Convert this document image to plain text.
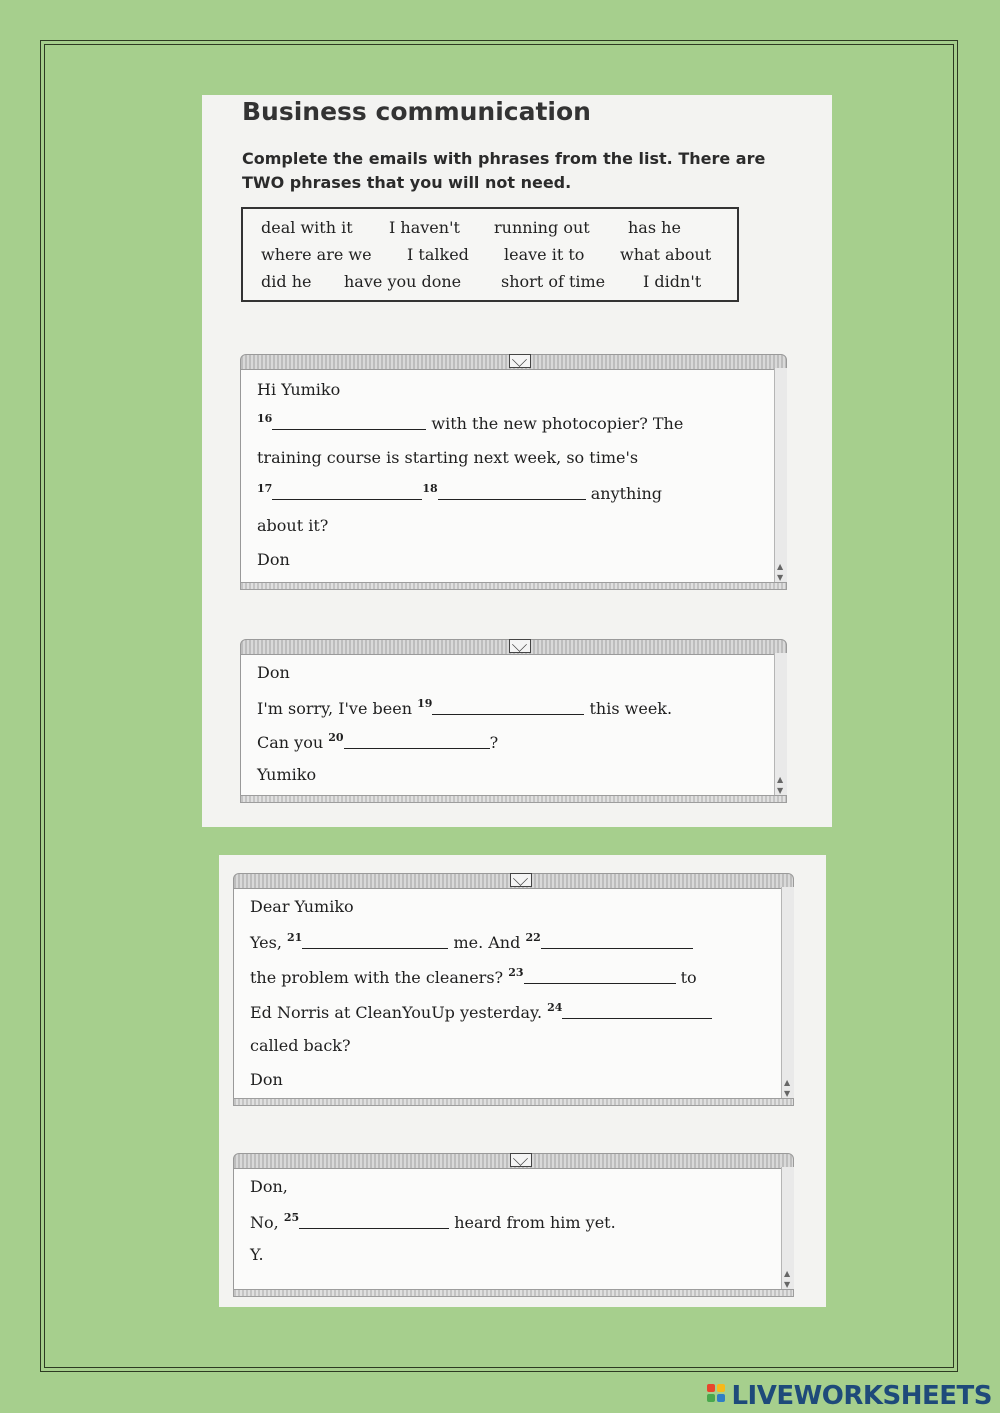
Business communication
Complete the emails with phrases from the list. There are
TWO phrases that you will not need.
deal with it I haven't running out has he
where are we I talked leave it to what about
did he have you done short of time I didn't
▲
▼
Hi Yumiko
$^{16}$	with the new photocopier? The
training course is starting next week, so time's
$^{17}$	$^{18}$	anything
about it?
Don
▲
▼
Don
I'm sorry, I've been $^{19}$	this week.
Can you $^{20}$	?
Yumiko
▲
▼
Dear Yumiko
Yes, $^{21}$	me. And $^{22}$
the problem with the cleaners? $^{23}$	to
Ed Norris at CleanYouUp yesterday. $^{24}$
called back?
Don
▲
▼
Don,
No, $^{25}$	heard from him yet.
Y.
LIVEWORKSHEETS
